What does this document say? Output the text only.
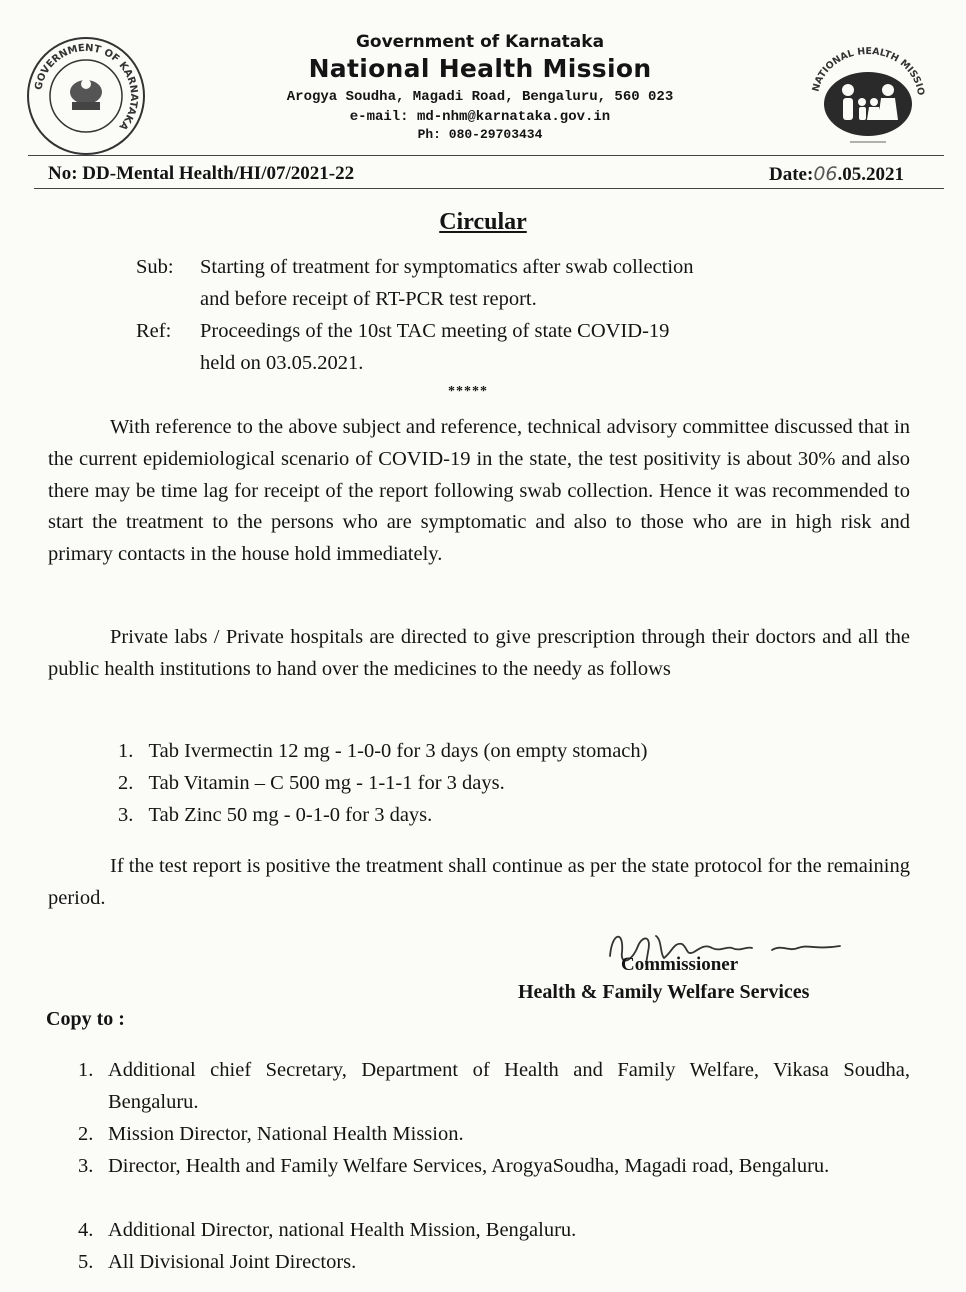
GOVERNMENT OF KARNATAKA
Government of Karnataka
National Health Mission
Arogya Soudha, Magadi Road, Bengaluru, 560 023
e-mail: md-nhm@karnataka.gov.in
Ph: 080-29703434
NATIONAL HEALTH MISSIO
No: DD-Mental Health/HI/07/2021-22	Date:06.05.2021
Circular
Sub: Starting of treatment for symptomatics after swab collection
and before receipt of RT-PCR test report.
Ref: Proceedings of the 10st TAC meeting of state COVID-19
held on 03.05.2021.
*****
With reference to the above subject and reference, technical advisory committee discussed that in the current epidemiological scenario of COVID-19 in the state, the test positivity is about 30% and also there may be time lag for receipt of the report following swab collection. Hence it was recommended to start the treatment to the persons who are symptomatic and also to those who are in high risk and primary contacts in the house hold immediately.
Private labs / Private hospitals are directed to give prescription through their doctors and all the public health institutions to hand over the medicines to the needy as follows
1. Tab Ivermectin 12 mg - 1-0-0 for 3 days (on empty stomach)
2. Tab Vitamin – C 500 mg - 1-1-1 for 3 days.
3. Tab Zinc 50 mg - 0-1-0 for 3 days.
If the test report is positive the treatment shall continue as per the state protocol for the remaining period.
Commissioner
Health & Family Welfare Services
Copy to :
1. Additional chief Secretary, Department of Health and Family Welfare, Vikasa Soudha, Bengaluru.
2. Mission Director, National Health Mission.
3. Director, Health and Family Welfare Services, ArogyaSoudha, Magadi road, Bengaluru.
4. Additional Director, national Health Mission, Bengaluru.
5. All Divisional Joint Directors.
